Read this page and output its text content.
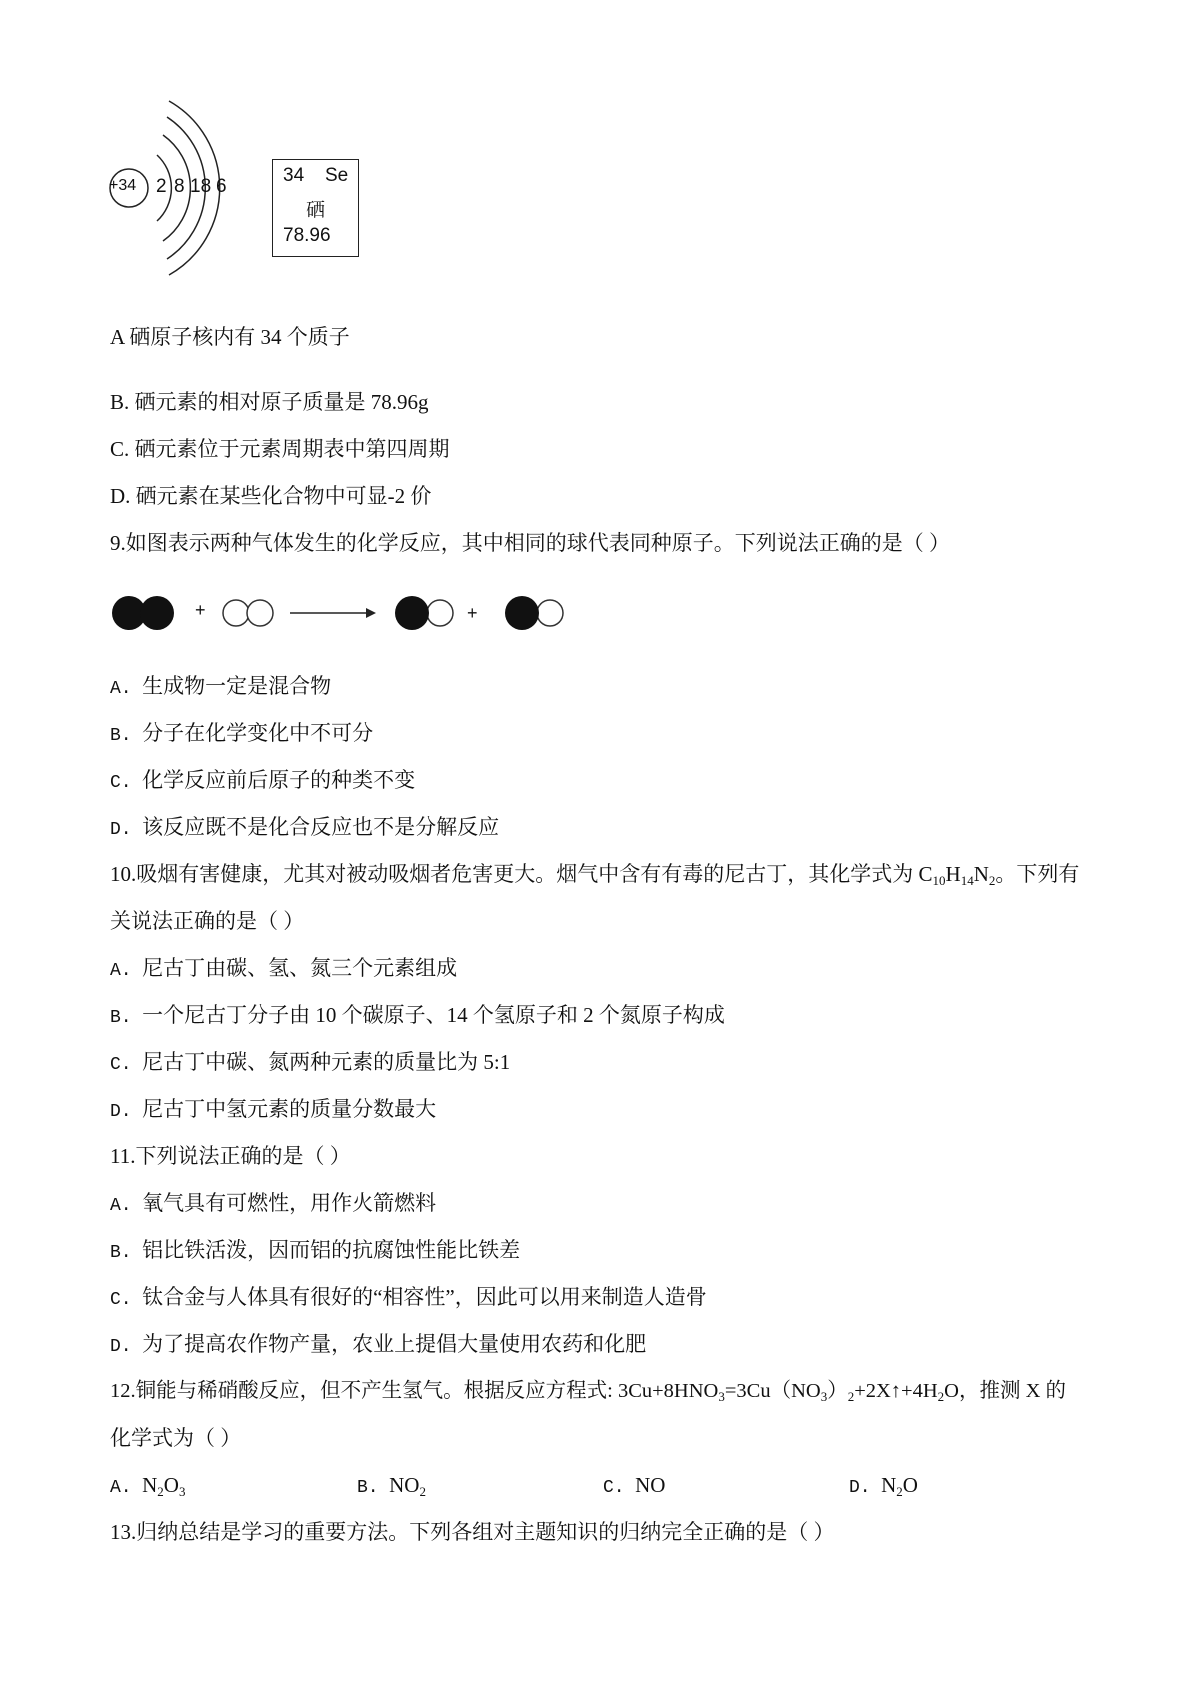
+34 2 8 18 6
34 Se
硒
78.96
A 硒原子核内有 34 个质子
B. 硒元素的相对原子质量是 78.96g
C. 硒元素位于元素周期表中第四周期
D. 硒元素在某些化合物中可显-2 价
9.如图表示两种气体发生的化学反应，其中相同的球代表同种原子。下列说法正确的是（ ）
+	+
A. 生成物一定是混合物
B. 分子在化学变化中不可分
C. 化学反应前后原子的种类不变
D. 该反应既不是化合反应也不是分解反应
10.吸烟有害健康，尤其对被动吸烟者危害更大。烟气中含有有毒的尼古丁，其化学式为 $C_{10}H_{14}N_2$。下列有
关说法正确的是（ ）
A. 尼古丁由碳、氢、氮三个元素组成
B. 一个尼古丁分子由 10 个碳原子、14 个氢原子和 2 个氮原子构成
C. 尼古丁中碳、氮两种元素的质量比为 5:1
D. 尼古丁中氢元素的质量分数最大
11.下列说法正确的是（ ）
A. 氧气具有可燃性，用作火箭燃料
B. 铝比铁活泼，因而铝的抗腐蚀性能比铁差
C. 钛合金与人体具有很好的“相容性”，因此可以用来制造人造骨
D. 为了提高农作物产量，农业上提倡大量使用农药和化肥
12.铜能与稀硝酸反应，但不产生氢气。根据反应方程式: $3Cu+8HNO_3=3Cu(NO_3)_2+2X↑+4H_2O$，推测 X 的
化学式为（ ）
A. $N_2O_3$	B. $NO_2$	C. NO	D. $N_2O$
13.归纳总结是学习的重要方法。下列各组对主题知识的归纳完全正确的是（ ）
